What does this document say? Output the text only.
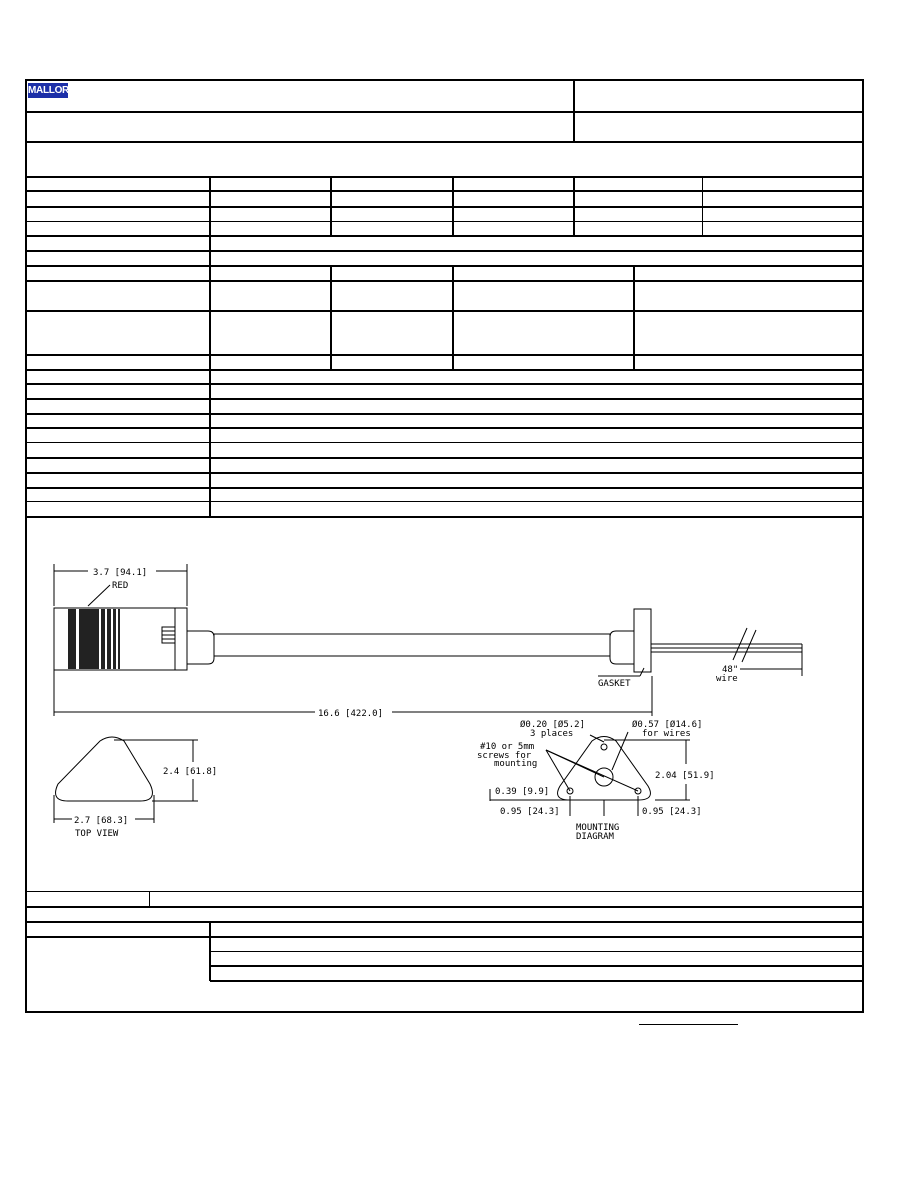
MALLORY
3.7 [94.1]
RED
16.6 [422.0]
GASKET
48"
wire
2.4 [61.8]
2.7 [68.3]
TOP VIEW
Ø0.20 [Ø5.2]
3 places
Ø0.57 [Ø14.6]
for wires
#10 or 5mm
screws for
mounting
2.04 [51.9]
0.39 [9.9]
0.95 [24.3]	0.95 [24.3]
MOUNTING
DIAGRAM
